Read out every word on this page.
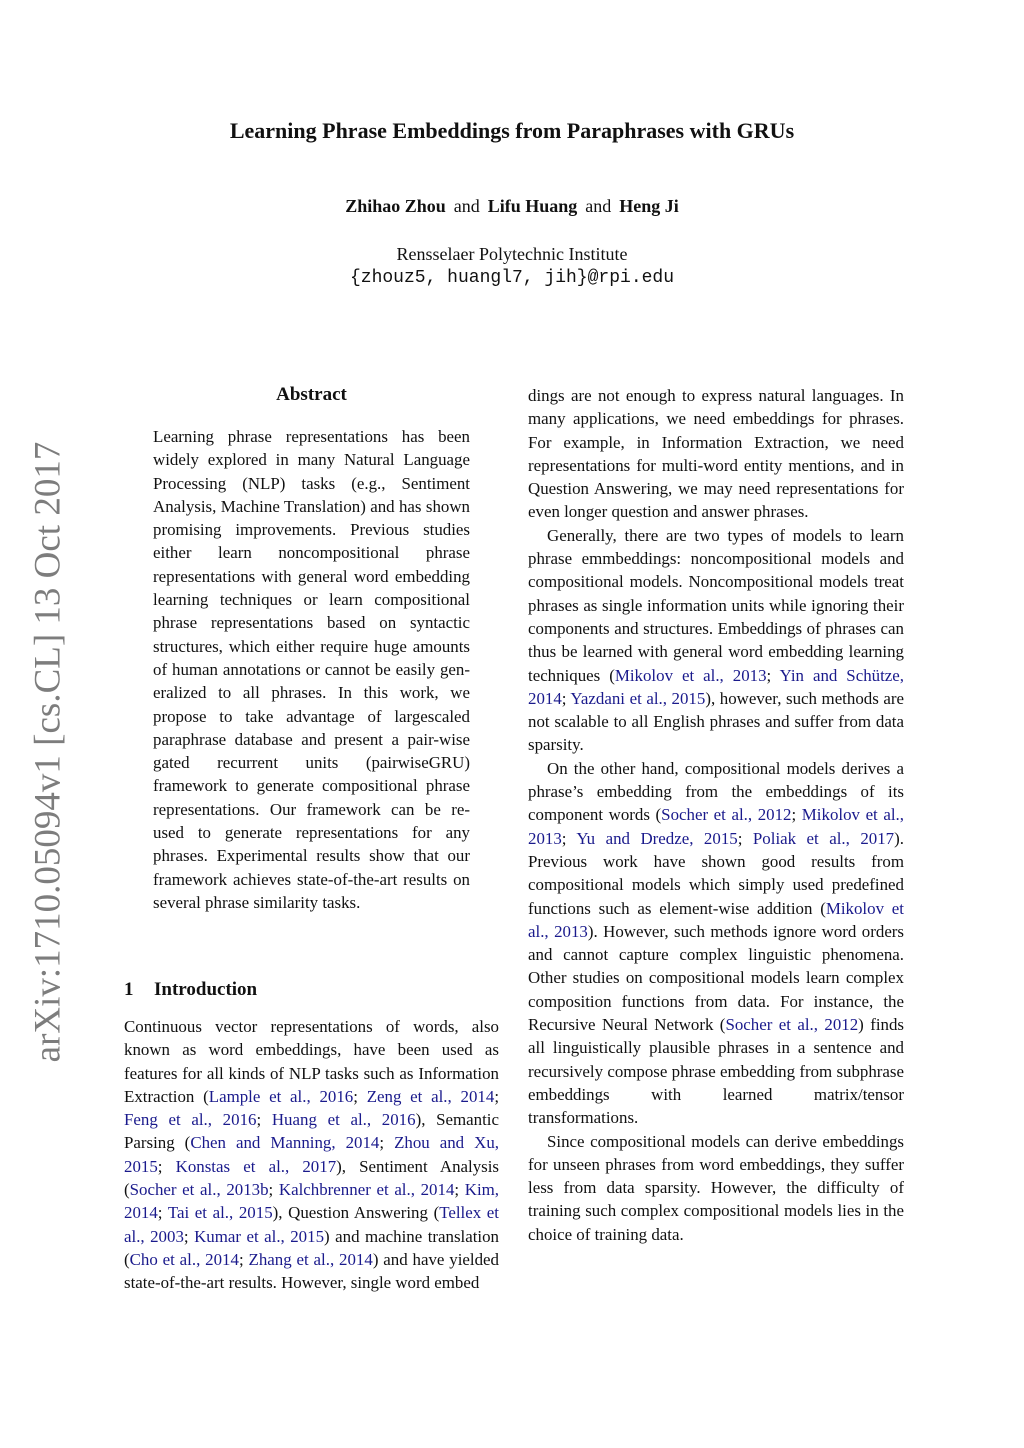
Learning Phrase Embeddings from Paraphrases with GRUs
Zhihao Zhou and Lifu Huang and Heng Ji
Rensselaer Polytechnic Institute
{zhouz5, huangl7, jih}@rpi.edu
arXiv:1710.05094v1 [cs.CL] 13 Oct 2017
Abstract

Learning phrase representations has been widely explored in many Natural Language Processing (NLP) tasks (e.g., Sentiment Analysis, Machine Translation) and has shown promising improvements. Previous studies either learn noncompositional phrase representations with general word embedding learning techniques or learn compositional phrase representations based on syntactic structures, which either require huge amounts of human annotations or cannot be easily generalized to all phrases. In this work, we propose to take advantage of largescaled paraphrase database and present a pair-wise gated recurrent units (pairwiseGRU) framework to generate compositional phrase representations. Our framework can be re-used to generate representations for any phrases. Experimental results show that our framework achieves state-of-the-art results on several phrase similarity tasks.

1 Introduction

Continuous vector representations of words, also known as word embeddings, have been used as features for all kinds of NLP tasks such as Information Extraction (Lample et al., 2016; Zeng et al., 2014; Feng et al., 2016; Huang et al., 2016), Semantic Parsing (Chen and Manning, 2014; Zhou and Xu, 2015; Konstas et al., 2017), Sentiment Analysis (Socher et al., 2013b; Kalchbrenner et al., 2014; Kim, 2014; Tai et al., 2015), Question Answering (Tellex et al., 2003; Kumar et al., 2015) and machine translation (Cho et al., 2014; Zhang et al., 2014) and have yielded state-of-the-art results. However, single word embed

dings are not enough to express natural languages. In many applications, we need embeddings for phrases. For example, in Information Extraction, we need representations for multi-word entity mentions, and in Question Answering, we may need representations for even longer question and answer phrases.

Generally, there are two types of models to learn phrase emmbeddings: noncompositional models and compositional models. Noncompositional models treat phrases as single information units while ignoring their components and structures. Embeddings of phrases can thus be learned with general word embedding learning techniques (Mikolov et al., 2013; Yin and Schütze, 2014; Yazdani et al., 2015), however, such methods are not scalable to all English phrases and suffer from data sparsity.

On the other hand, compositional models derives a phrase’s embedding from the embeddings of its component words (Socher et al., 2012; Mikolov et al., 2013; Yu and Dredze, 2015; Poliak et al., 2017). Previous work have shown good results from compositional models which simply used predefined functions such as element-wise addition (Mikolov et al., 2013). However, such methods ignore word orders and cannot capture complex linguistic phenomena. Other studies on compositional models learn complex composition functions from data. For instance, the Recursive Neural Network (Socher et al., 2012) finds all linguistically plausible phrases in a sentence and recursively compose phrase embedding from subphrase embeddings with learned matrix/tensor transformations.

Since compositional models can derive embeddings for unseen phrases from word embeddings, they suffer less from data sparsity. However, the difficulty of training such complex compositional models lies in the choice of training data.
